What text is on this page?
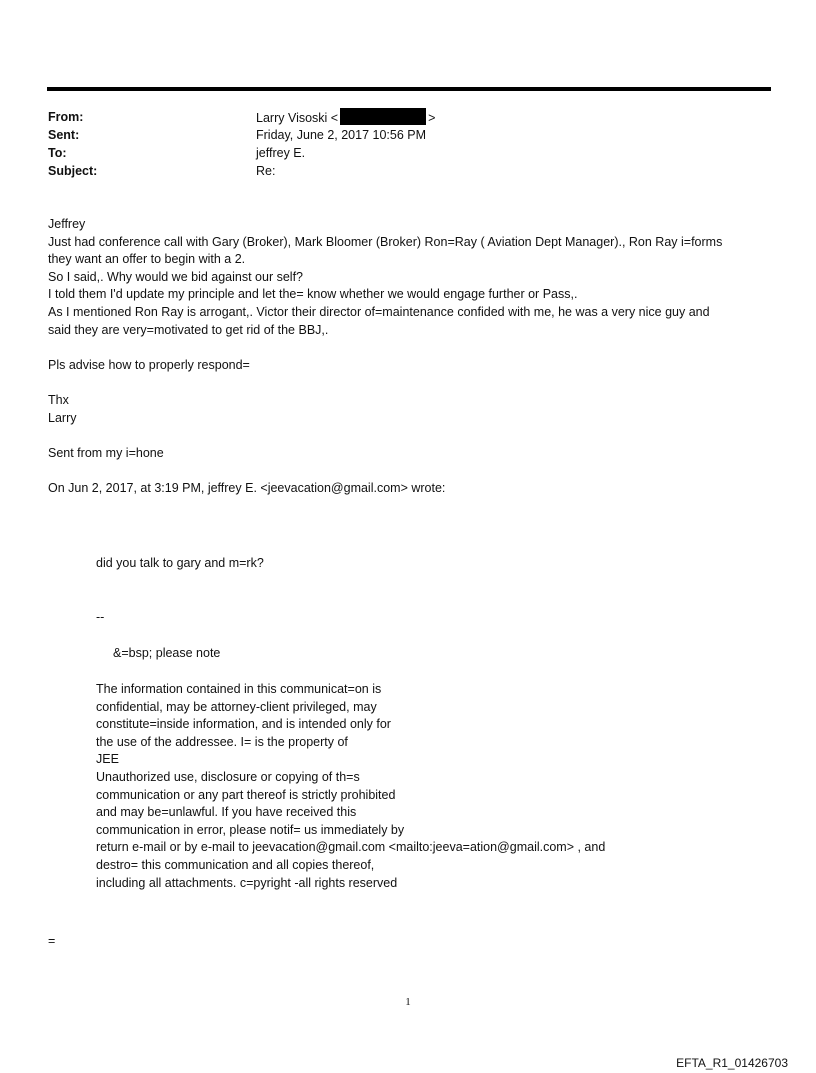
From:	Larry Visoski <	>
Sent:	Friday, June 2, 2017 10:56 PM
To:	jeffrey E.
Subject:	Re:

Jeffrey

Just had conference call with Gary (Broker), Mark Bloomer (Broker) Ron=Ray ( Aviation Dept Manager)., Ron Ray i=forms

they want an offer to begin with a 2.

So I said,. Why would we bid against our self?

I told them I'd update my principle and let the= know whether we would engage further or Pass,.

As I mentioned Ron Ray is arrogant,. Victor their director of=maintenance confided with me, he was a very nice guy and

said they are very=motivated to get rid of the BBJ,.

Pls advise how to properly respond=

Thx

Larry

Sent from my i=hone

On Jun 2, 2017, at 3:19 PM, jeffrey E. <jeevacation@gmail.com> wrote:

did you talk to gary and m=rk?

--

&=bsp; please note

The information contained in this communicat=on is

confidential, may be attorney-client privileged, may

constitute=inside information, and is intended only for

the use of the addressee. I= is the property of

JEE

Unauthorized use, disclosure or copying of th=s

communication or any part thereof is strictly prohibited

and may be=unlawful. If you have received this

communication in error, please notif= us immediately by

return e-mail or by e-mail to jeevacation@gmail.com <mailto:jeeva=ation@gmail.com> , and

destro= this communication and all copies thereof,

including all attachments. c=pyright -all rights reserved

=
1
EFTA_R1_01426703
